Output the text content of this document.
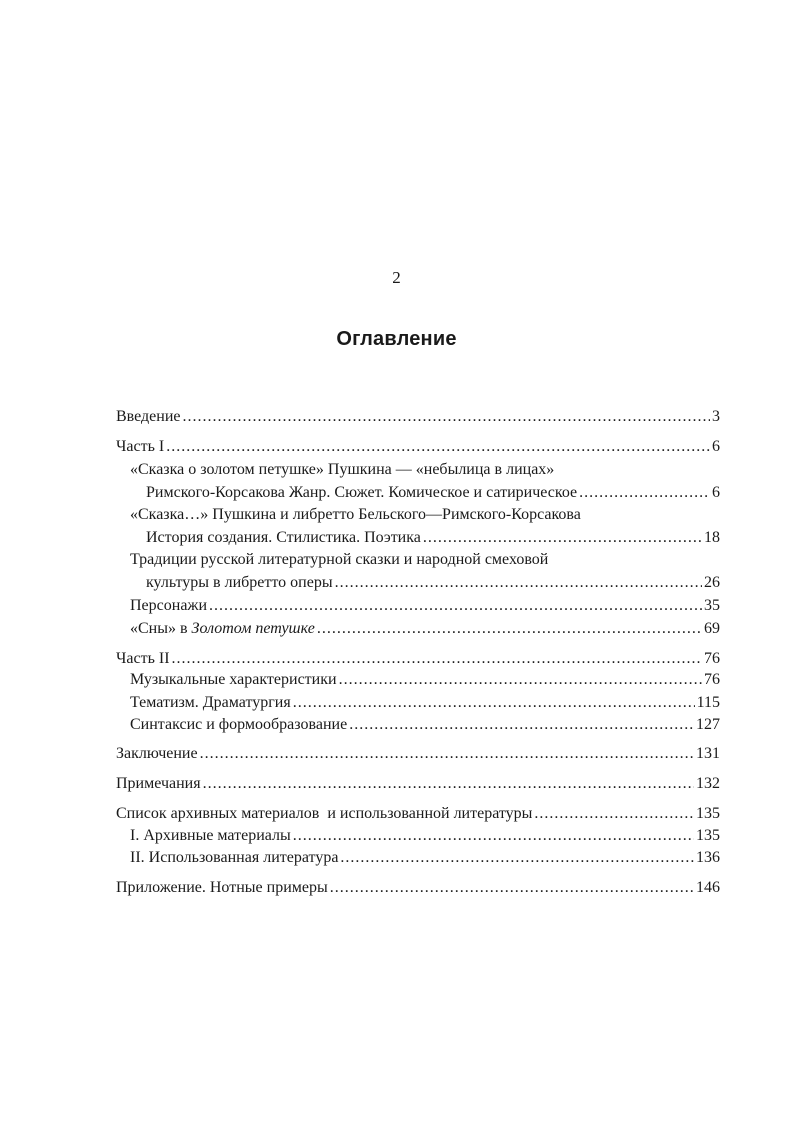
2
Оглавление
Введение .....	3
Часть I .....	6
«Сказка о золотом петушке» Пушкина — «небылица в лицах»
Римского-Корсакова Жанр. Сюжет. Комическое и сатирическое .....	6
«Сказка…» Пушкина и либретто Бельского—Римского-Корсакова
История создания. Стилистика. Поэтика .....	18
Традиции русской литературной сказки и народной смеховой
культуры в либретто оперы .....	26
Персонажи .....	35
«Сны» в Золотом петушке .....	69
Часть II .....	76
Музыкальные характеристики .....	76
Тематизм. Драматургия .....	115
Синтаксис и формообразование .....	127
Заключение .....	131
Примечания .....	132
Список архивных материалов  и использованной литературы .....	135
I. Архивные материалы .....	135
II. Использованная литература .....	136
Приложение. Нотные примеры .....	146
